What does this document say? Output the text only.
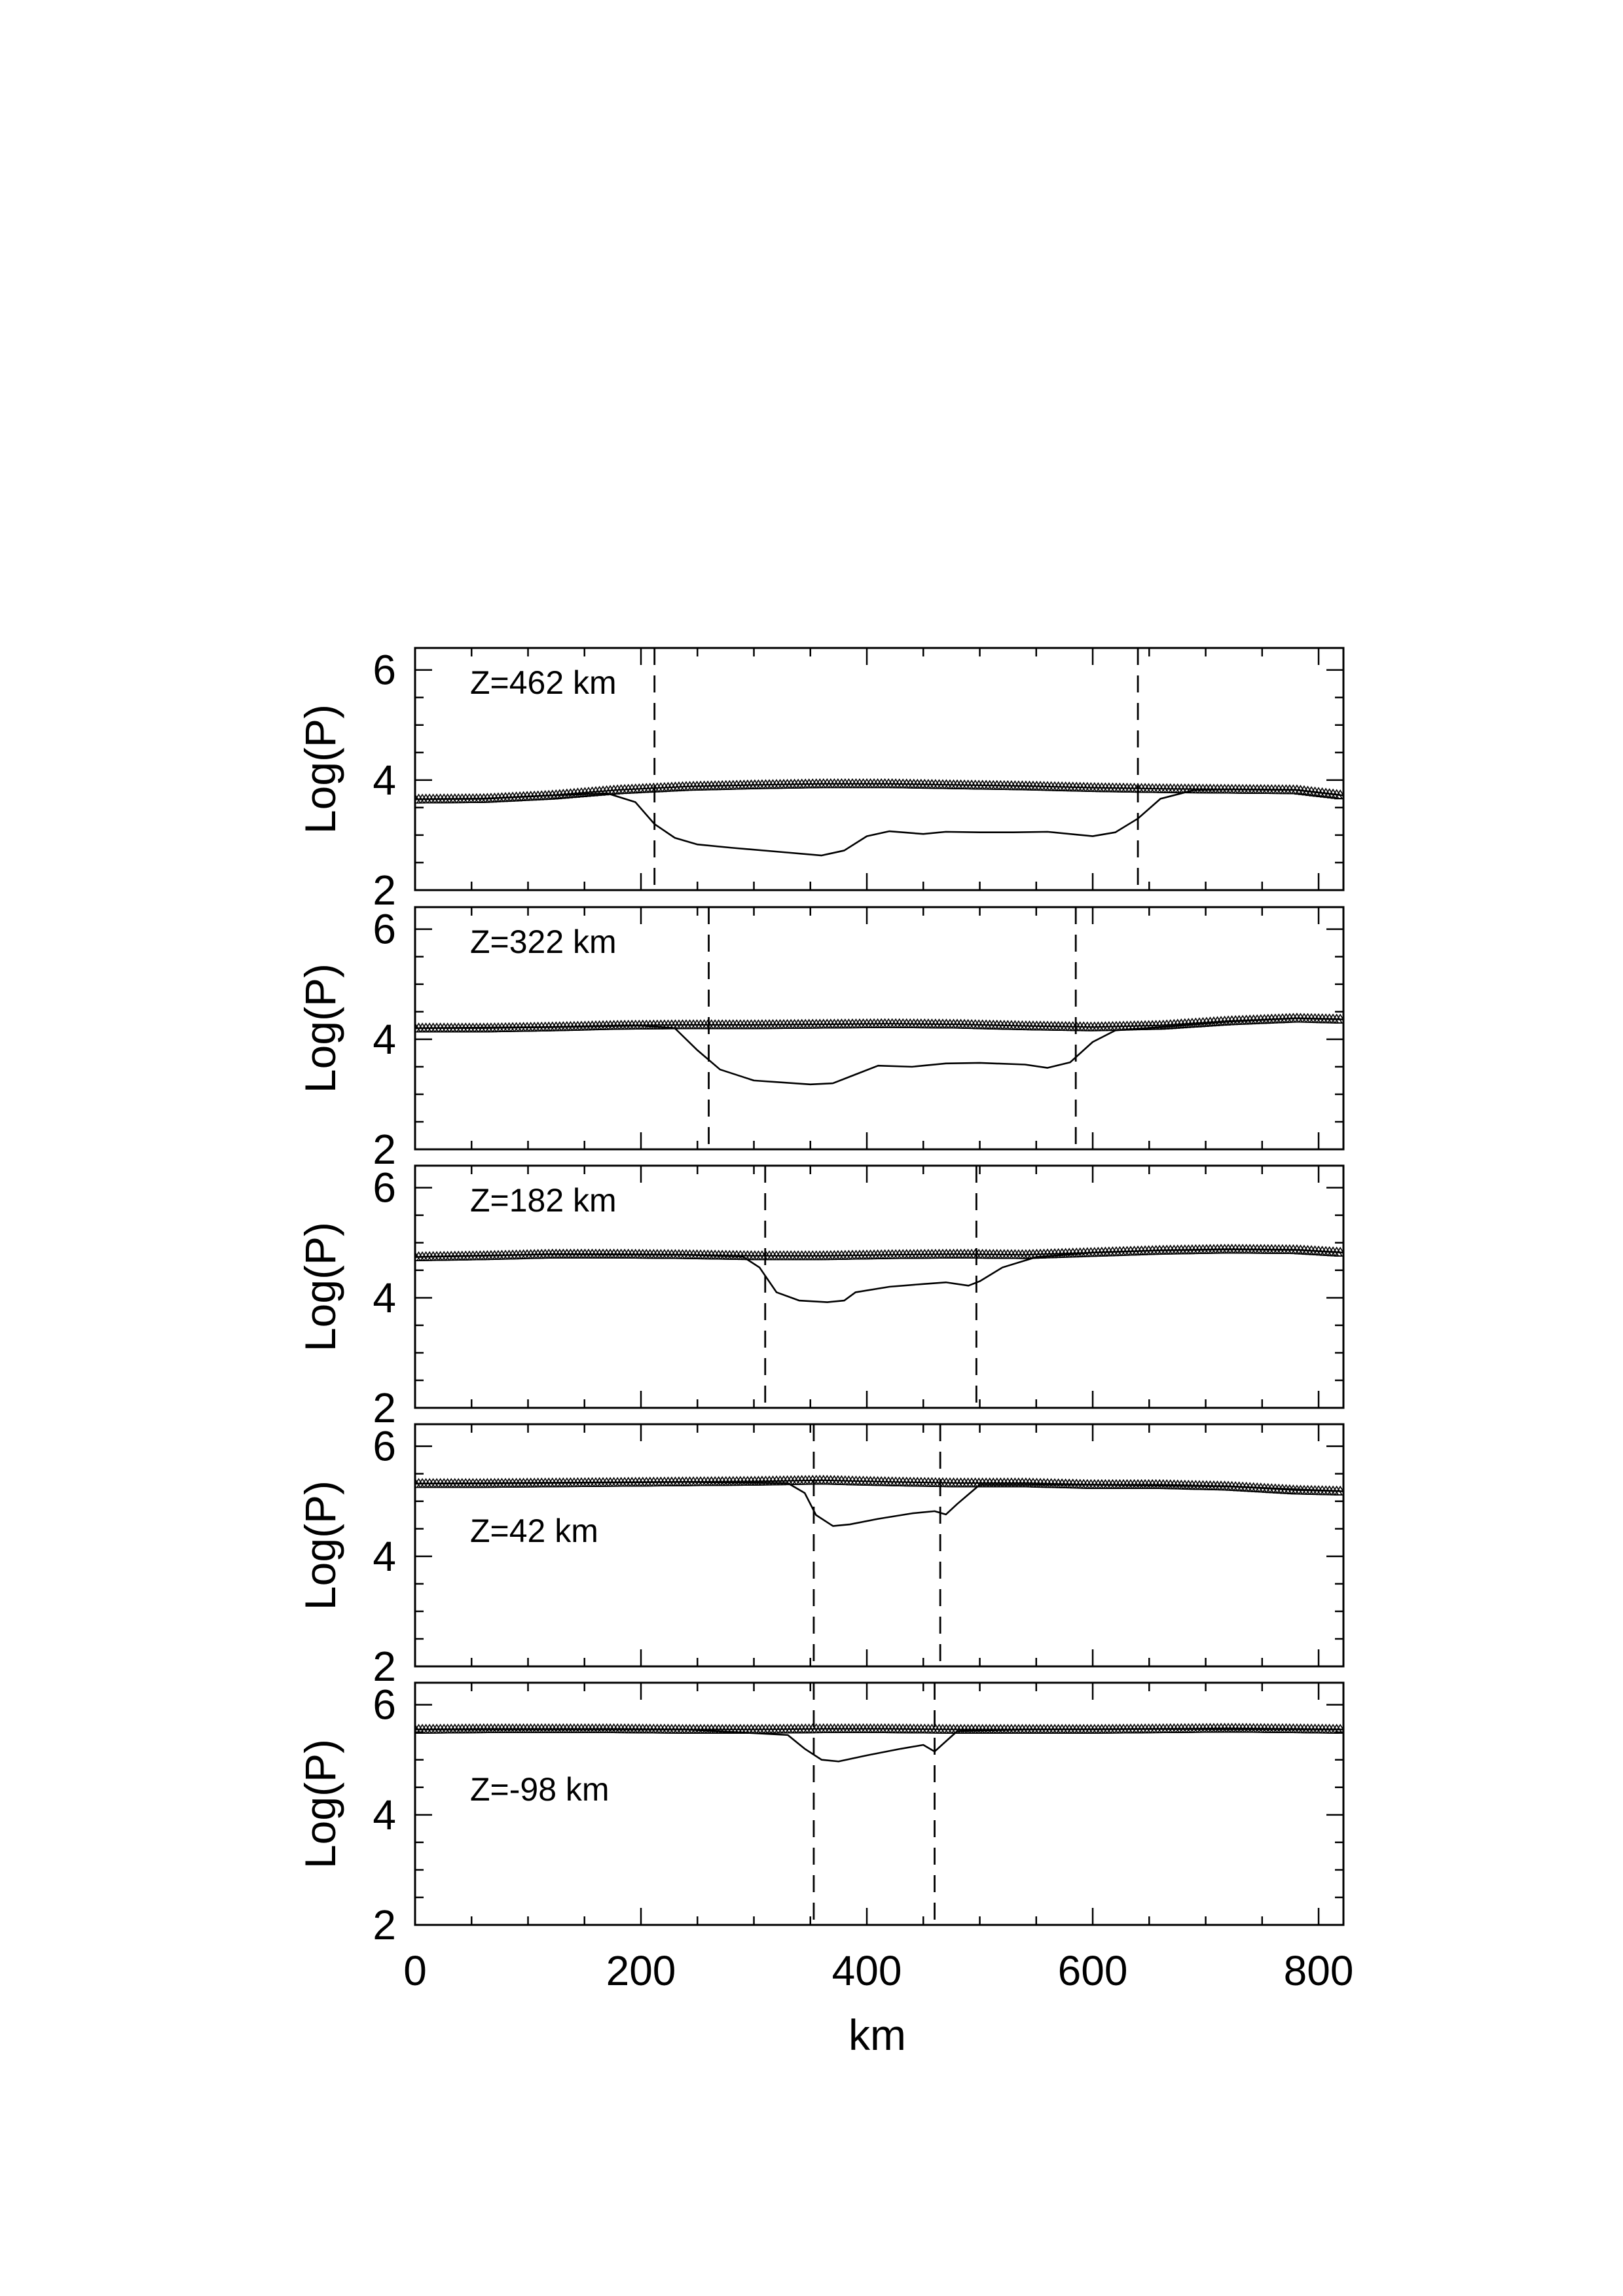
2
4
6
Log(P)
Z=462 km
2
4
6
Log(P)
Z=322 km
2
4
6
Log(P)
Z=182 km
2
4
6
Log(P)	Z=42 km
2
4
6
Log(P)	Z=-98 km
0	200	400	600	800
km
